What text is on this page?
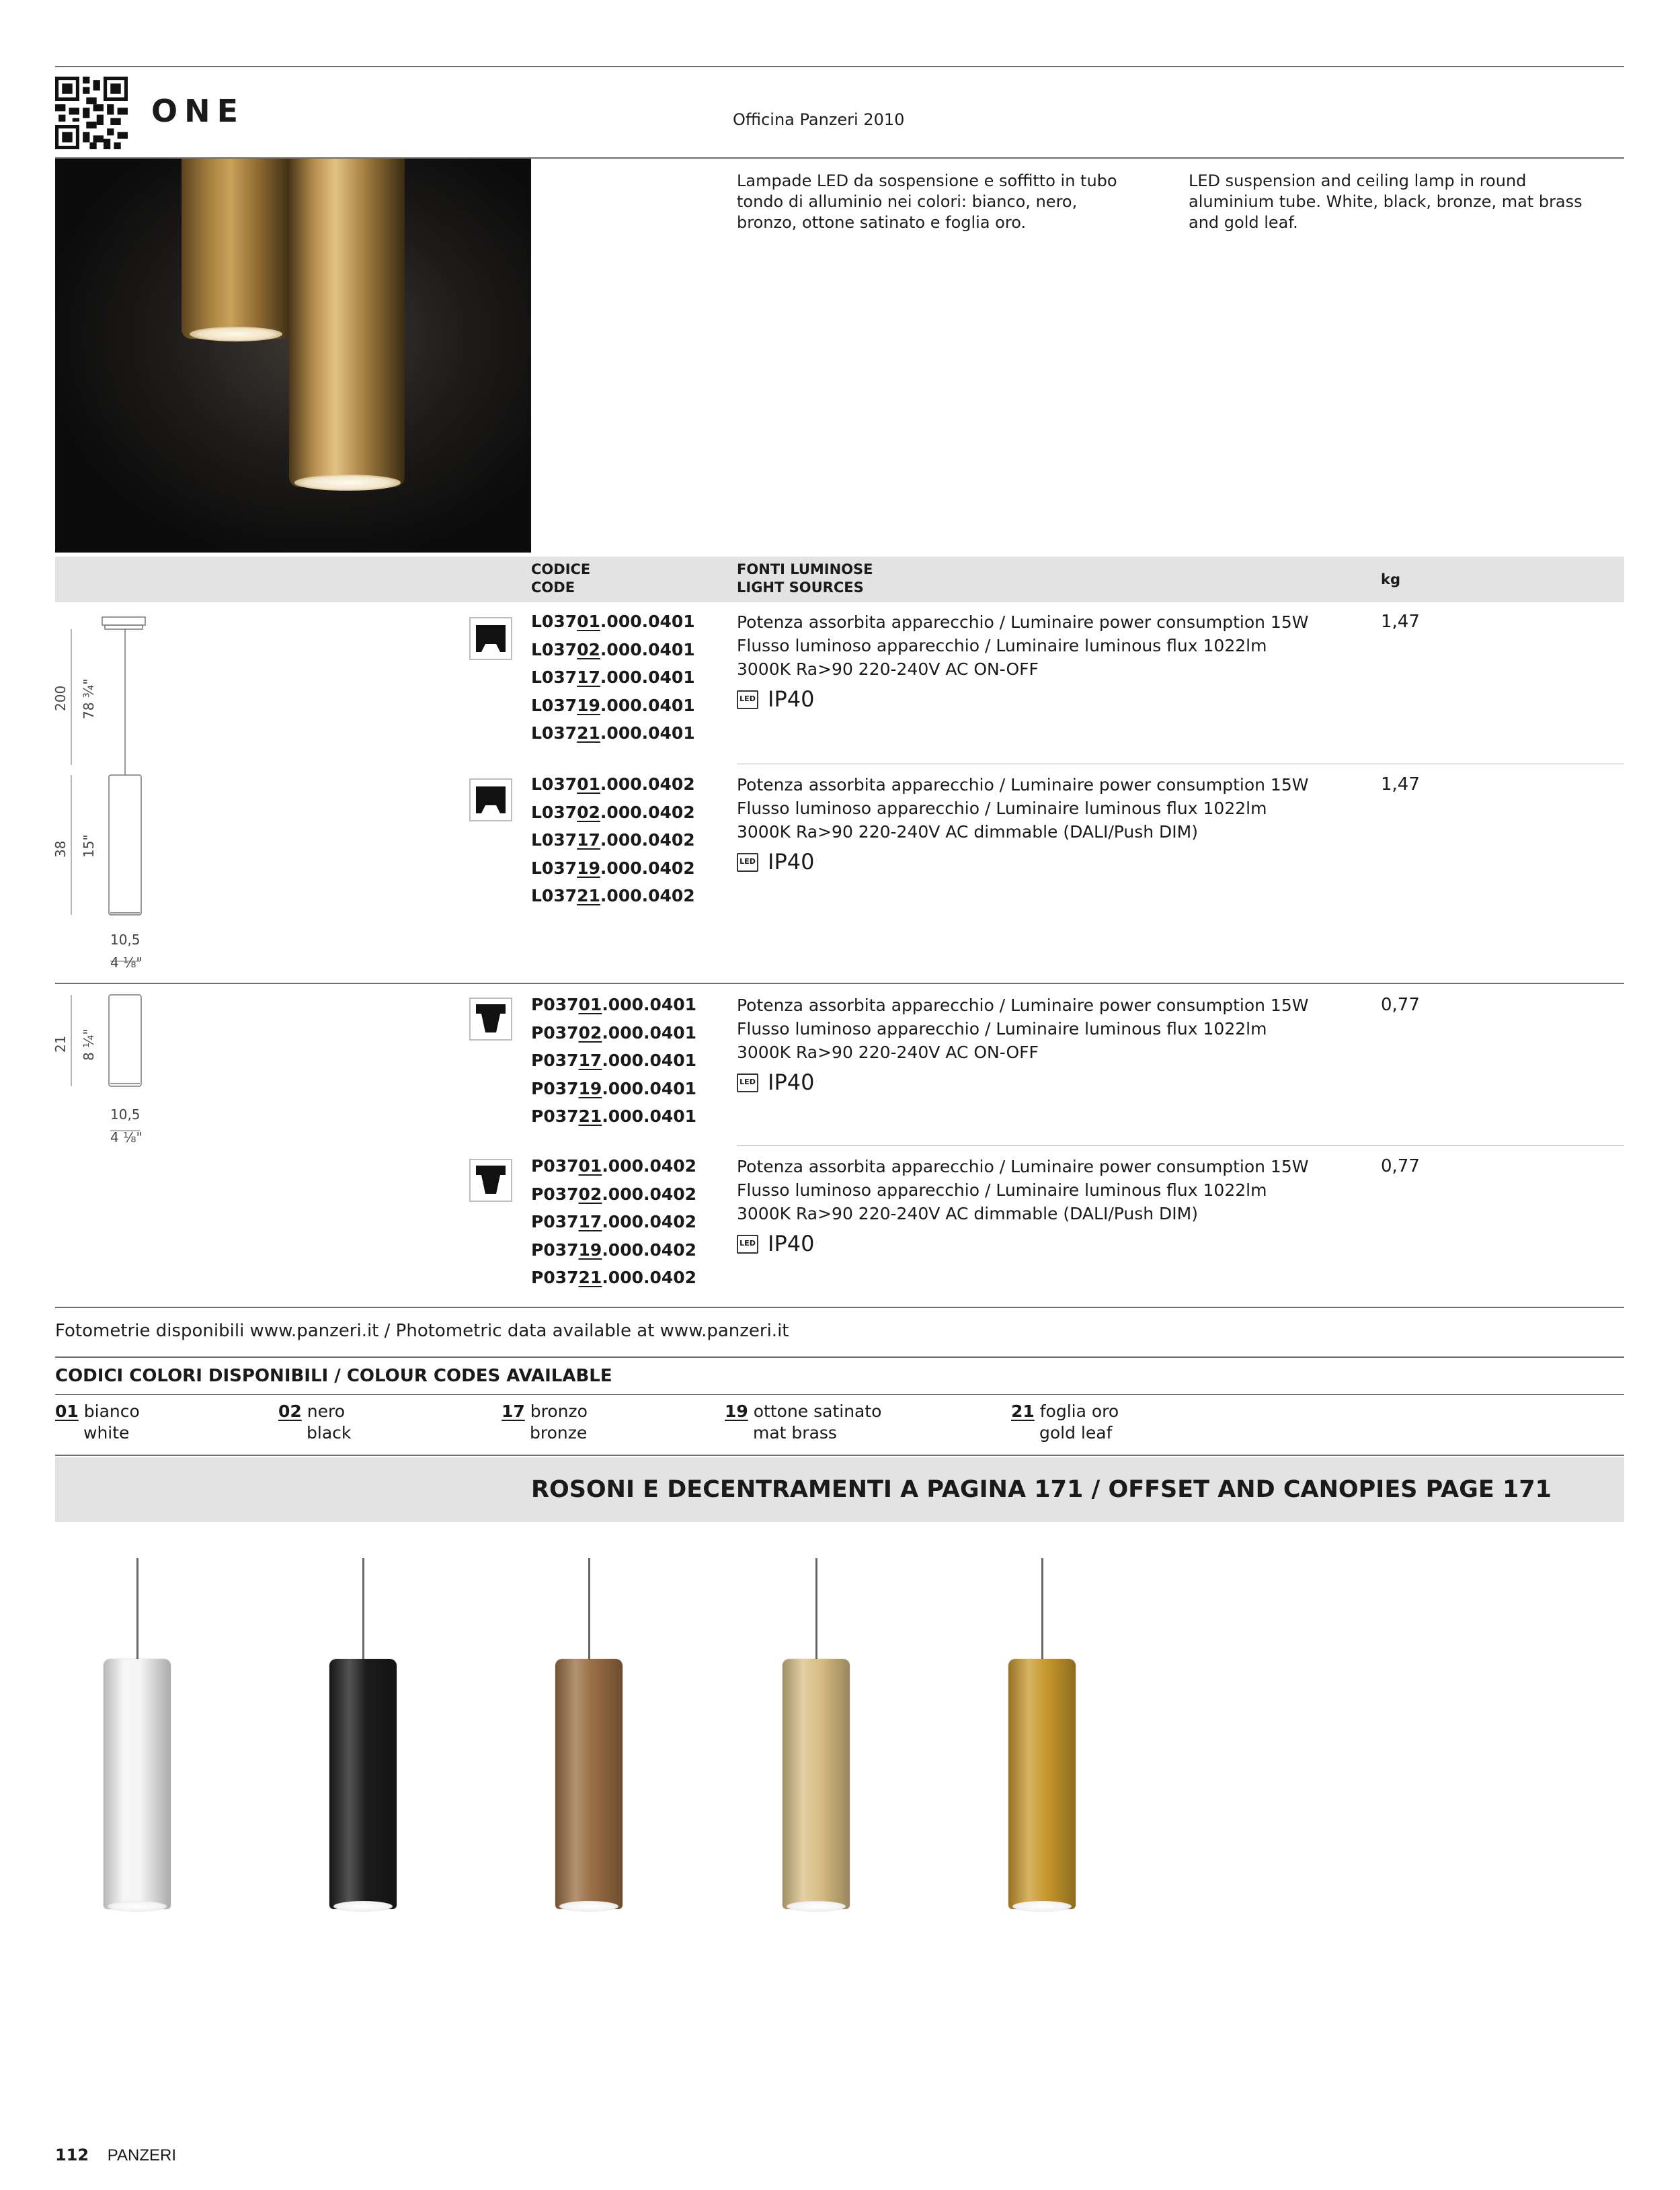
ONE	Officina Panzeri 2010
Lampade LED da sospensione e soffitto in tubo tondo di alluminio nei colori: bianco, nero, bronzo, ottone satinato e foglia oro.
LED suspension and ceiling lamp in round aluminium tube. White, black, bronze, mat brass and gold leaf.
CODICE
CODE
FONTI LUMINOSE
LIGHT SOURCES	kg
200 78 ¾"
38 15"
10,5
4 ⅛"
L03701.000.0401
L03702.000.0401
L03717.000.0401
L03719.000.0401
L03721.000.0401
Potenza assorbita apparecchio / Luminaire power consumption 15W
Flusso luminoso apparecchio / Luminaire luminous flux 1022lm
3000K Ra>90 220-240V AC ON-OFF
LED IP40
1,47
L03701.000.0402
L03702.000.0402
L03717.000.0402
L03719.000.0402
L03721.000.0402
Potenza assorbita apparecchio / Luminaire power consumption 15W
Flusso luminoso apparecchio / Luminaire luminous flux 1022lm
3000K Ra>90 220-240V AC dimmable (DALI/Push DIM)
LED IP40
1,47
21 8 ¼"
10,5
4 ⅛"
P03701.000.0401
P03702.000.0401
P03717.000.0401
P03719.000.0401
P03721.000.0401
Potenza assorbita apparecchio / Luminaire power consumption 15W
Flusso luminoso apparecchio / Luminaire luminous flux 1022lm
3000K Ra>90 220-240V AC ON-OFF
LED IP40
0,77
P03701.000.0402
P03702.000.0402
P03717.000.0402
P03719.000.0402
P03721.000.0402
Potenza assorbita apparecchio / Luminaire power consumption 15W
Flusso luminoso apparecchio / Luminaire luminous flux 1022lm
3000K Ra>90 220-240V AC dimmable (DALI/Push DIM)
LED IP40
0,77
Fotometrie disponibili www.panzeri.it / Photometric data available at www.panzeri.it
CODICI COLORI DISPONIBILI / COLOUR CODES AVAILABLE
01 bianco
white
02 nero
black
17 bronzo
bronze
19 ottone satinato
mat brass
21 foglia oro
gold leaf
ROSONI E DECENTRAMENTI A PAGINA 171 / OFFSET AND CANOPIES PAGE 171
112 PANZERI
